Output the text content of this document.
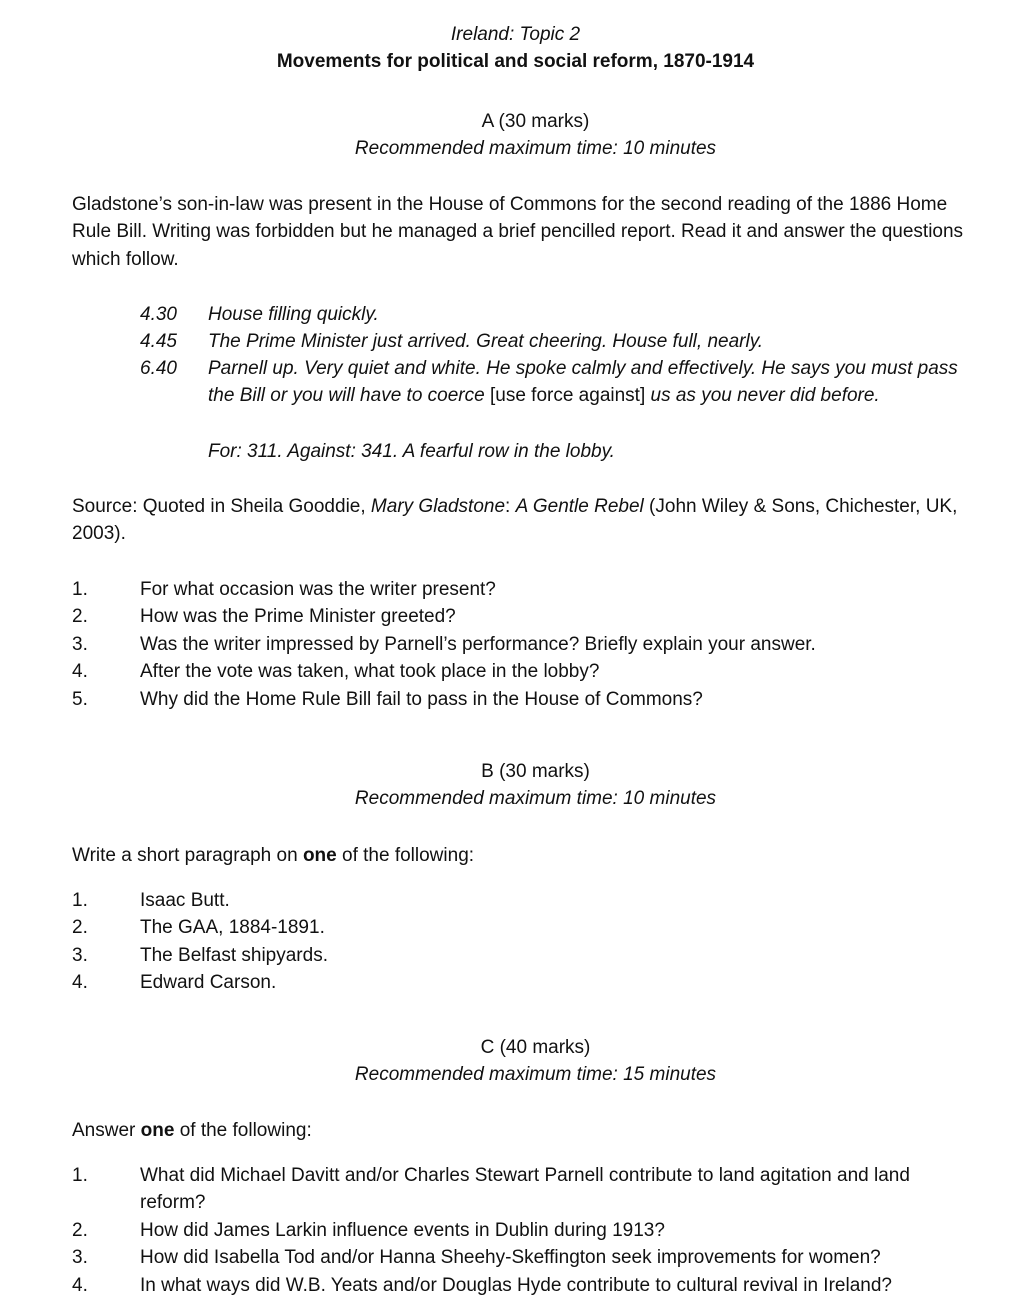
Ireland: Topic 2
Movements for political and social reform, 1870-1914
A (30 marks)
Recommended maximum time: 10 minutes
Gladstone’s son-in-law was present in the House of Commons for the second reading of the 1886 Home Rule Bill. Writing was forbidden but he managed a brief pencilled report. Read it and answer the questions which follow.
4.30	House filling quickly.
4.45	The Prime Minister just arrived. Great cheering. House full, nearly.
6.40	Parnell up. Very quiet and white. He spoke calmly and effectively. He says you must pass the Bill or you will have to coerce [use force against] us as you never did before.
For: 311. Against: 341. A fearful row in the lobby.
Source: Quoted in Sheila Gooddie, Mary Gladstone: A Gentle Rebel (John Wiley & Sons, Chichester, UK, 2003).
1.	For what occasion was the writer present?
2.	How was the Prime Minister greeted?
3.	Was the writer impressed by Parnell’s performance? Briefly explain your answer.
4.	After the vote was taken, what took place in the lobby?
5.	Why did the Home Rule Bill fail to pass in the House of Commons?
B (30 marks)
Recommended maximum time: 10 minutes
Write a short paragraph on one of the following:
1.	Isaac Butt.
2.	The GAA, 1884-1891.
3.	The Belfast shipyards.
4.	Edward Carson.
C (40 marks)
Recommended maximum time: 15 minutes
Answer one of the following:
1.	What did Michael Davitt and/or Charles Stewart Parnell contribute to land agitation and land reform?
2.	How did James Larkin influence events in Dublin during 1913?
3.	How did Isabella Tod and/or Hanna Sheehy-Skeffington seek improvements for women?
4.	In what ways did W.B. Yeats and/or Douglas Hyde contribute to cultural revival in Ireland?
